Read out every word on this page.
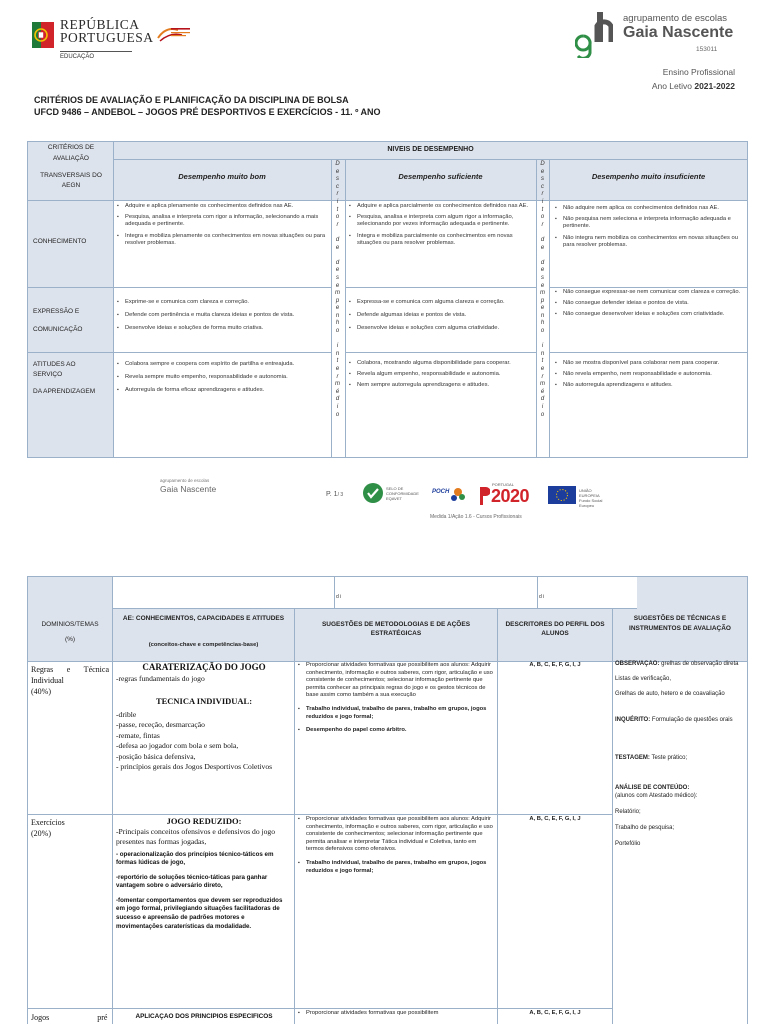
REPÚBLICA
PORTUGUESA
EDUCAÇÃO
agrupamento de escolas
Gaia Nascente
153011
Ensino Profissional
Ano Letivo 2021-2022
CRITÉRIOS DE AVALIAÇÃO E PLANIFICAÇÃO DA DISCIPLINA DE BOLSA
UFCD 9486 – ANDEBOL – JOGOS PRÉ DESPORTIVOS E EXERCÍCIOS - 11. º ANO
CRITÉRIOS DE AVALIAÇÃO
TRANSVERSAIS DO AEGN
NÍVEIS DE DESEMPENHO
Desempenho muito bom	Desempenho suficiente	Desempenho muito insuficiente
D
e
s
c
r
i
t
o
r

d
e

d
e
s
e
m
p
e
n
h
o

i
n
t
e
r
m
é
d
i
o
D
e
s
c
r
i
t
o
r

d
e

d
e
s
e
m
p
e
n
h
o

i
n
t
e
r
m
é
d
i
o
CONHECIMENTO
▪ Adquire e aplica plenamente os conhecimentos definidos nas AE.
▪ Pesquisa, analisa e interpreta com rigor a informação, selecionando a mais adequada e pertinente.
▪ Integra e mobiliza plenamente os conhecimentos em novas situações ou para resolver problemas.
▪ Adquire e aplica parcialmente os conhecimentos definidos nas AE.
▪ Pesquisa, analisa e interpreta com algum rigor a informação, selecionando por vezes informação adequada e pertinente.
▪ Integra e mobiliza parcialmente os conhecimentos em novas situações ou para resolver problemas.
▪ Não adquire nem aplica os conhecimentos definidos nas AE.
▪ Não pesquisa nem seleciona e interpreta informação adequada e pertinente.
▪ Não integra nem mobiliza os conhecimentos em novas situações ou para resolver problemas.
EXPRESSÃO E COMUNICAÇÃO
▪ Exprime-se e comunica com clareza e correção.
▪ Defende com pertinência e muita clareza ideias e pontos de vista.
▪ Desenvolve ideias e soluções de forma muito criativa.
▪ Expressa-se e comunica com alguma clareza e correção.
▪ Defende algumas ideias e pontos de vista.
▪ Desenvolve ideias e soluções com alguma criatividade.
▪ Não consegue expressar-se nem comunicar com clareza e correção.
▪ Não consegue defender ideias e pontos de vista.
▪ Não consegue desenvolver ideias e soluções com criatividade.
ATITUDES AO SERVIÇO
DA APRENDIZAGEM
▪ Colabora sempre e coopera com espírito de partilha e entreajuda.
▪ Revela sempre muito empenho, responsabilidade e autonomia.
▪ Autorregula de forma eficaz aprendizagens e atitudes.
▪ Colabora, mostrando alguma disponibilidade para cooperar.
▪ Revela algum empenho, responsabilidade e autonomia.
▪ Nem sempre autorregula aprendizagens e atitudes.
▪ Não se mostra disponível para colaborar nem para cooperar.
▪ Não revela empenho, nem responsabilidade e autonomia.
▪ Não autorregula aprendizagens e atitudes.
agrupamento de escolas
Gaia Nascente
P. 1/ 3
SELO DE CONFORMIDADE EQAVET
POCH
PORTUGAL
2020	UNIÃO EUROPEIA Fundo Social Europeu
Medida 1/Ação 1.6 - Cursos Profissionais
d i	d i
DOMÍNIOS/TEMAS
(%)
AE: CONHECIMENTOS, CAPACIDADES E ATITUDES
(conceitos-chave e competências-base)
SUGESTÕES DE METODOLOGIAS E DE AÇÕES ESTRATÉGICAS
DESCRITORES DO PERFIL DOS ALUNOS
SUGESTÕES DE TÉCNICAS E INSTRUMENTOS DE AVALIAÇÃO
Regras e Técnica Individual
(40%)
CARATERIZAÇÃO DO JOGO
-regras fundamentais do jogo
TECNICA INDIVIDUAL:
-drible
-passe, receção, desmarcação
-remate, fintas
-defesa ao jogador com bola e sem bola,
-posição básica defensiva,
- princípios gerais dos Jogos Desportivos Coletivos
▪ Proporcionar atividades formativas que possibilitem aos alunos: Adquirir conhecimento, informação e outros saberes, com rigor, articulação e uso consistente de conhecimentos; selecionar informação pertinente que permita conhecer as principais regras do jogo e os gestos técnicos de base assim como também a sua execução
▪ Trabalho individual, trabalho de pares, trabalho em grupos, jogos reduzidos e jogo formal;
▪ Desempenho do papel como árbitro.
A, B, C, E, F, G, I, J	OBSERVAÇÃO: grelhas de observação direta
Listas de verificação,
Grelhas de auto, hetero e de coavaliação
INQUÉRITO: Formulação de questões orais
TESTAGEM: Teste prático;
ANÁLISE DE CONTEÚDO:
(alunos com Atestado médico):
Relatório;
Trabalho de pesquisa;
Portefólio
Exercícios
(20%)
JOGO REDUZIDO:
-Principais conceitos ofensivos e defensivos do jogo presentes nas formas jogadas,
- operacionalização dos princípios técnico-táticos em formas lúdicas de jogo,
-reportório de soluções técnico-táticas para ganhar vantagem sobre o adversário direto,
-fomentar comportamentos que devem ser reproduzidos em jogo formal, privilegiando situações facilitadoras de sucesso e apreensão de padrões motores e movimentações caraterísticas da modalidade.
▪ Proporcionar atividades formativas que possibilitem aos alunos: Adquirir conhecimento, informação e outros saberes, com rigor, articulação e uso consistente de conhecimentos; selecionar informação pertinente que permita analisar e interpretar Tática individual e Coletiva, tanto em termos defensivos como ofensivos.
▪ Trabalho individual, trabalho de pares, trabalho em grupos, jogos reduzidos e jogo formal;
A, B, C, E, F, G, I, J
Jogos pré	APLICAÇÃO DOS PRINCÍPIOS ESPECÍFICOS
▪	Proporcionar atividades formativas que possibilitem	A, B, C, E, F, G, I, J
